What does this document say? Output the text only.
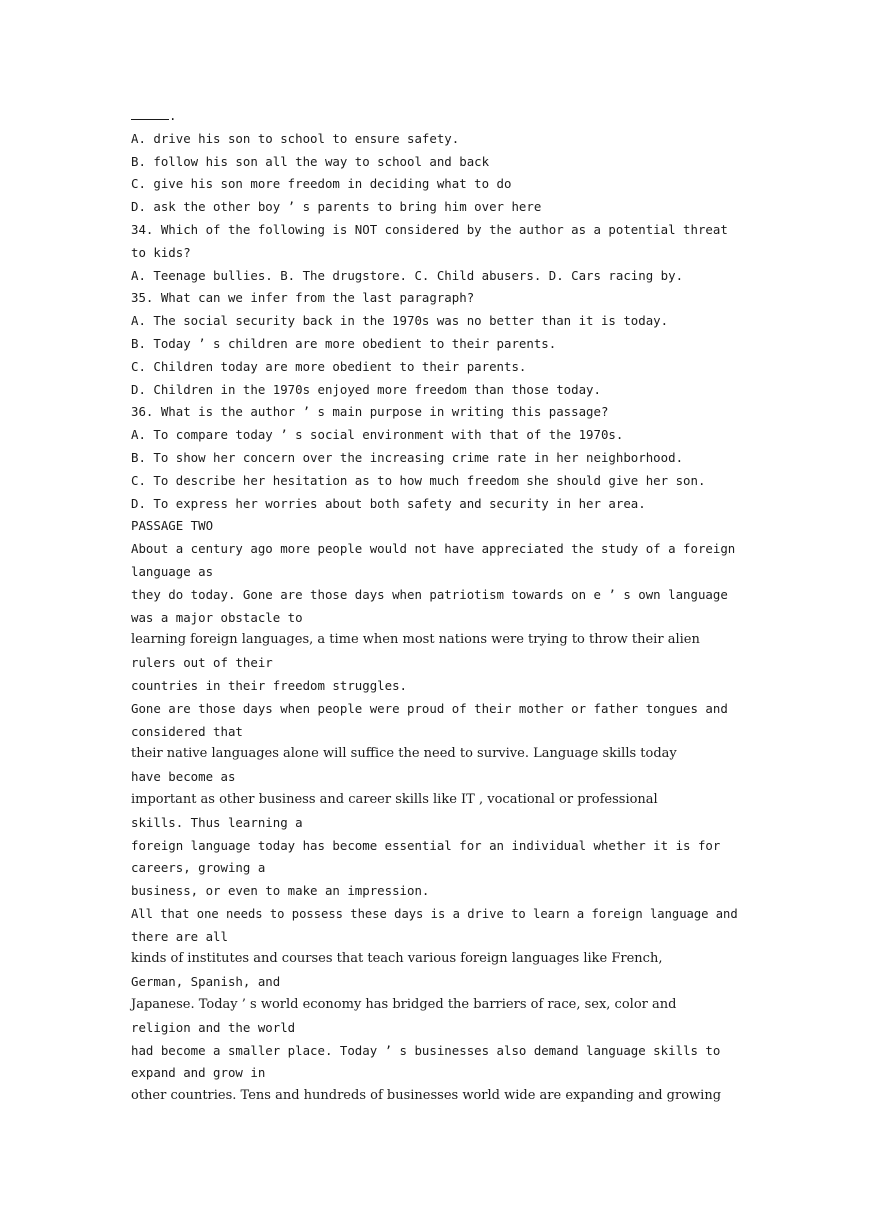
.
A. drive his son to school to ensure safety.
B. follow his son all the way to school and back
C. give his son more freedom in deciding what to do
D. ask the other boy ’ s parents to bring him over here
34. Which of the following is NOT considered by the author as a potential threat
to kids?
A. Teenage bullies. B. The drugstore. C. Child abusers. D. Cars racing by.
35. What can we infer from the last paragraph?
A. The social security back in the 1970s was no better than it is today.
B. Today ’ s children are more obedient to their parents.
C. Children today are more obedient to their parents.
D. Children in the 1970s enjoyed more freedom than those today.
36. What is the author ’ s main purpose in writing this passage?
A. To compare today ’ s social environment with that of the 1970s.
B. To show her concern over the increasing crime rate in her neighborhood.
C. To describe her hesitation as to how much freedom she should give her son.
D. To express her worries about both safety and security in her area.
PASSAGE TWO
About a century ago more people would not have appreciated the study of a foreign
language as
they do today. Gone are those days when patriotism towards on e ’ s own language
was a major obstacle to
learning foreign languages, a time when most nations were trying to throw their alien
rulers out of their
countries in their freedom struggles.
Gone are those days when people were proud of their mother or father tongues and
considered that
their native languages alone will suffice the need to survive. Language skills today
have become as
important as other business and career skills like IT , vocational or professional
skills. Thus learning a
foreign language today has become essential for an individual whether it is for
careers, growing a
business, or even to make an impression.
All that one needs to possess these days is a drive to learn a foreign language and
there are all
kinds of institutes and courses that teach various foreign languages like French,
German, Spanish, and
Japanese. Today ’ s world economy has bridged the barriers of race, sex, color and
religion and the world
had become a smaller place. Today ’ s businesses also demand language skills to
expand and grow in
other countries. Tens and hundreds of businesses world wide are expanding and growing
